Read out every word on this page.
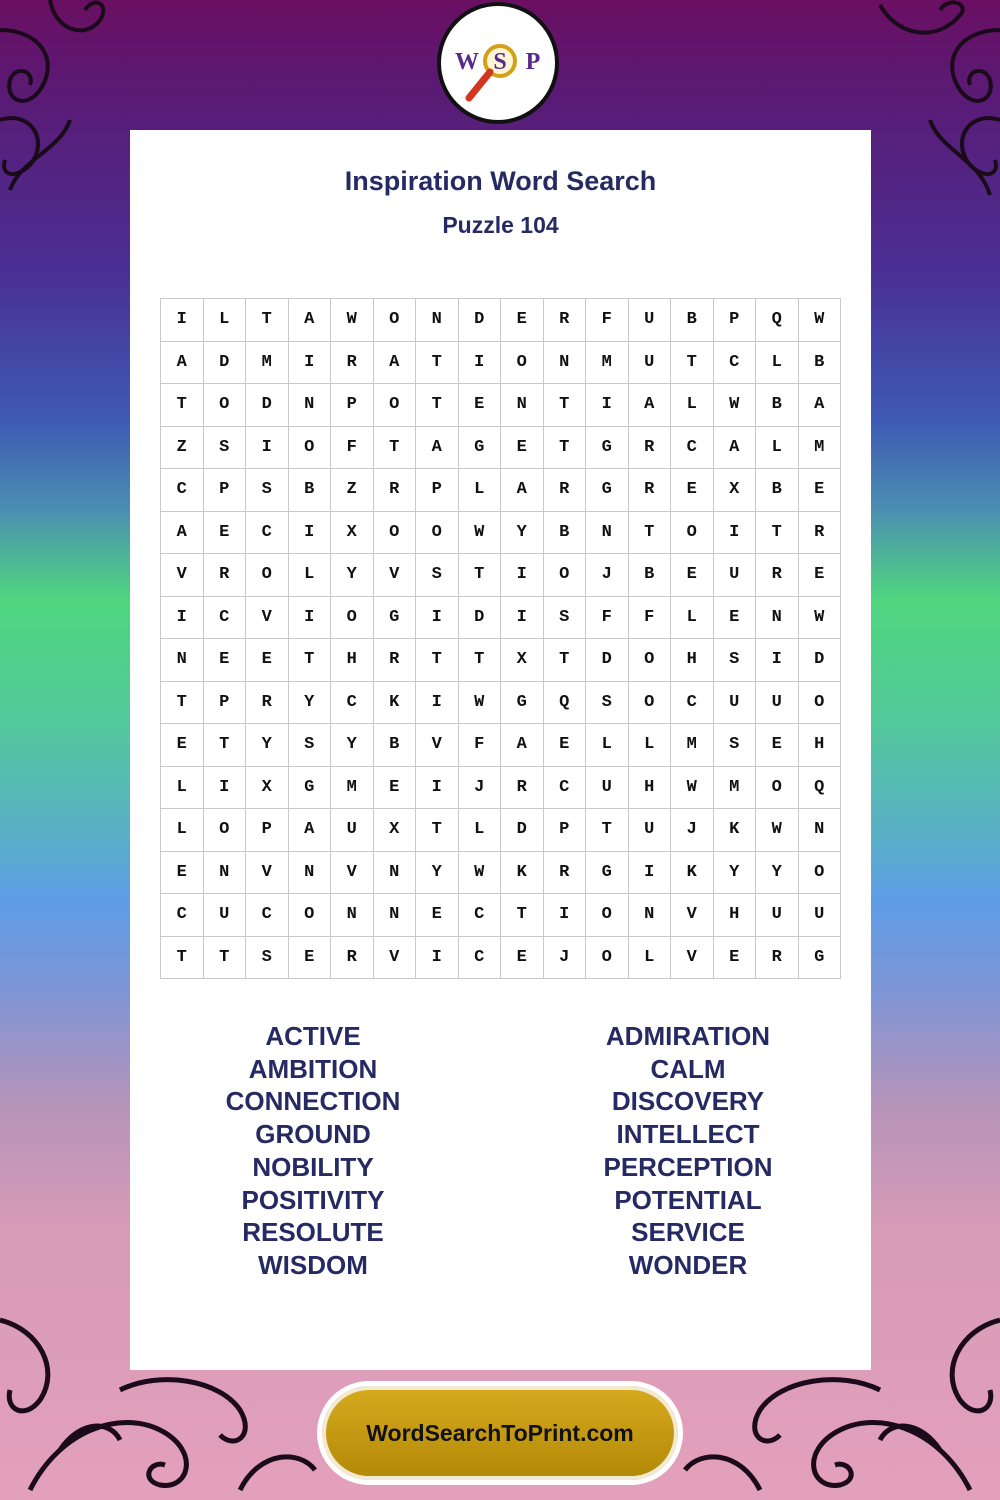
W S P
Inspiration Word Search
Puzzle 104
I	L	T	A	W	O	N	D	E	R	F	U	B	P	Q	W
A	D	M	I	R	A	T	I	O	N	M	U	T	C	L	B
T	O	D	N	P	O	T	E	N	T	I	A	L	W	B	A
Z	S	I	O	F	T	A	G	E	T	G	R	C	A	L	M
C	P	S	B	Z	R	P	L	A	R	G	R	E	X	B	E
A	E	C	I	X	O	O	W	Y	B	N	T	O	I	T	R
V	R	O	L	Y	V	S	T	I	O	J	B	E	U	R	E
I	C	V	I	O	G	I	D	I	S	F	F	L	E	N	W
N	E	E	T	H	R	T	T	X	T	D	O	H	S	I	D
T	P	R	Y	C	K	I	W	G	Q	S	O	C	U	U	O
E	T	Y	S	Y	B	V	F	A	E	L	L	M	S	E	H
L	I	X	G	M	E	I	J	R	C	U	H	W	M	O	Q
L	O	P	A	U	X	T	L	D	P	T	U	J	K	W	N
E	N	V	N	V	N	Y	W	K	R	G	I	K	Y	Y	O
C	U	C	O	N	N	E	C	T	I	O	N	V	H	U	U
T	T	S	E	R	V	I	C	E	J	O	L	V	E	R	G
ACTIVE
AMBITION
CONNECTION
GROUND
NOBILITY
POSITIVITY
RESOLUTE
WISDOM
ADMIRATION
CALM
DISCOVERY
INTELLECT
PERCEPTION
POTENTIAL
SERVICE
WONDER
WordSearchToPrint.com
